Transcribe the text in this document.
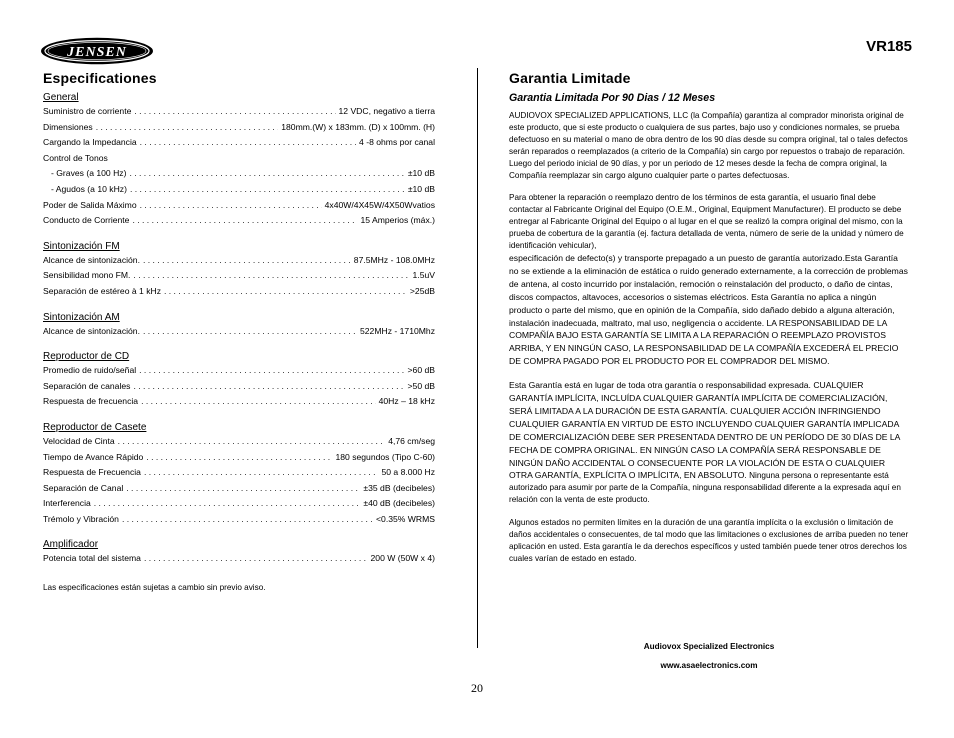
JENSEN	VR185
Especificationes
General
Suministro de corriente . . .	12 VDC, negativo a tierra
Dimensiones . . .	180mm.(W) x 183mm. (D) x 100mm. (H)
Cargando la Impedancia . . .	4 -8 ohms por canal
Control de Tonos
- Graves (a 100 Hz) . . .	±10 dB
- Agudos (a 10 kHz) . . .	±10 dB
Poder de Salida Máximo . . .	4x40W/4X45W/4X50Wvatios
Conducto de Corriente . . .	15 Amperios (máx.)
Sintonización FM
Alcance de sintonización. . . .	87.5MHz - 108.0MHz
Sensibilidad mono FM. . . .	1.5uV
Separación de estéreo à 1 kHz . . .	>25dB
Sintonización AM
Alcance de sintonización. . . .	522MHz - 1710Mhz
Reproductor de CD
Promedio de ruido/señal . . .	>60 dB
Separación de canales . . .	>50 dB
Respuesta de frecuencia . . .	40Hz – 18 kHz
Reproductor de Casete
Velocidad de Cinta . . .	4,76 cm/seg
Tiempo de Avance Rápido . . .	180 segundos (Tipo C-60)
Respuesta de Frecuencia . . .	50 a 8.000 Hz
Separación de Canal . . .	±35 dB (decibeles)
Interferencia . . .	±40 dB (decibeles)
Trémolo y Vibración . . .	<0.35% WRMS
Amplificador
Potencia total del sistema . . .	200 W (50W x 4)
Las especificaciones están sujetas a cambio sin previo aviso.
Garantia Limitade
Garantia Limitada Por 90 Dias / 12 Meses

AUDIOVOX SPECIALIZED APPLICATIONS, LLC (la Compañía) garantiza al comprador minorista original de este producto, que si este producto o cualquiera de sus partes, bajo uso y condiciones normales, se prueba defectuoso en su material o mano de obra dentro de los 90 días desde su compra original, tal o tales defectos serán reparados o reemplazados (a criterio de la Compañía) sin cargo por repuestos o trabajo de reparación. Luego del periodo inicial de 90 días, y por un periodo de 12 meses desde la fecha de compra original, la Compañía reemplazar sin cargo alguno cualquier parte o partes defectuosas.

Para obtener la reparación o reemplazo dentro de los términos de esta garantía, el usuario final debe contactar al Fabricante Original del Equipo (O.E.M., Original, Equipment Manufacturer). El producto se debe entregar al Fabricante Original del Equipo o al lugar en el que se realizó la compra original del mismo, con la prueba de cobertura de la garantía (ej. factura detallada de venta, número de serie de la unidad y número de identificación vehicular),
especificación de defecto(s) y transporte prepagado a un puesto de garantía autorizado.Esta Garantía no se extiende a la eliminación de estática o ruido generado externamente, a la corrección de problemas de antena, al costo incurrido por instalación, remoción o reinstalación del producto, o daño de cintas, discos compactos, altavoces, accesorios o sistemas eléctricos. Esta Garantía no aplica a ningún producto o parte del mismo, que en opinión de la Compañía, sido dañado debido a alguna alteración, instalación inadecuada, maltrato, mal uso, negligencia o accidente. LA RESPONSABILIDAD DE LA COMPAÑÍA BAJO ESTA GARANTÍA SE LIMITA A LA REPARACIÓN O REEMPLAZO PROVISTOS ARRIBA, Y EN NINGÚN CASO, LA RESPONSABILIDAD DE LA COMPAÑÍA EXCEDERÁ EL PRECIO DE COMPRA PAGADO POR EL PRODUCTO POR EL COMPRADOR DEL MISMO.

Esta Garantía está en lugar de toda otra garantía o responsabilidad expresada. CUALQUIER GARANTÍA IMPLÍCITA, INCLUÍDA CUALQUIER GARANTÍA IMPLÍCITA DE COMERCIALIZACIÓN, SERÁ LIMITADA A LA DURACIÓN DE ESTA GARANTÍA. CUALQUIER ACCIÓN INFRINGIENDO CUALQUIER GARANTÍA EN VIRTUD DE ESTO INCLUYENDO CUALQUIER GARANTÍA IMPLICADA DE COMERCIALIZACIÓN DEBE SER PRESENTADA DENTRO DE UN PERÍODO DE 30 DÍAS DE LA FECHA DE COMPRA ORIGINAL. EN NINGÚN CASO LA COMPAÑÍA SERÁ RESPONSABLE DE NINGÚN DAÑO ACCIDENTAL O CONSECUENTE POR LA VIOLACIÓN DE ESTA O CUALQUIER OTRA GARANTÍA, EXPLÍCITA O IMPLÍCITA, EN ABSOLUTO. Ninguna persona o representante está autorizado para asumir por parte de la Compañía, ninguna responsabilidad diferente a la expresada aquí en relación con la venta de este producto.

Algunos estados no permiten límites en la duración de una garantía implícita o la exclusión o limitación de daños accidentales o consecuentes, de tal modo que las limitaciones o exclusiones de arriba pueden no tener aplicación en usted. Esta garantía le da derechos específicos y usted también puede tener otros derechos los cuales varían de estado en estado.

Audiovox Specialized Electronics
www.asaelectronics.com
20
